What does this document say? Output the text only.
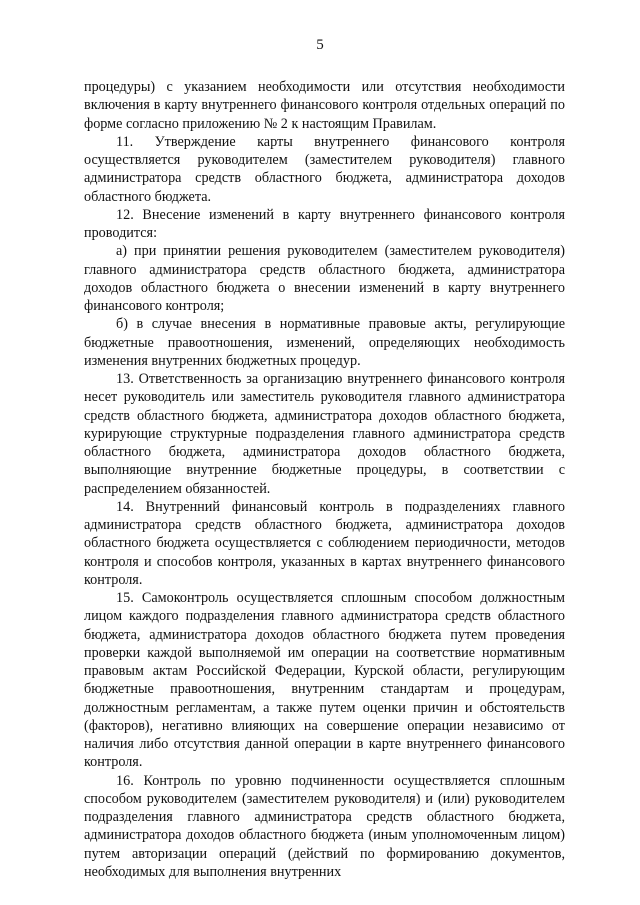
5

процедуры) с указанием необходимости или отсутствия необходимости включения в карту внутреннего финансового контроля отдельных операций по форме согласно приложению № 2 к настоящим Правилам.

11. Утверждение карты внутреннего финансового контроля осуществляется руководителем (заместителем руководителя) главного администратора средств областного бюджета, администратора доходов областного бюджета.

12. Внесение изменений в карту внутреннего финансового контроля проводится:

а) при принятии решения руководителем (заместителем руководителя) главного администратора средств областного бюджета, администратора доходов областного бюджета о внесении изменений в карту внутреннего финансового контроля;

б) в случае внесения в нормативные правовые акты, регулирующие бюджетные правоотношения, изменений, определяющих необходимость изменения внутренних бюджетных процедур.

13. Ответственность за организацию внутреннего финансового контроля несет руководитель или заместитель руководителя главного администратора средств областного бюджета, администратора доходов областного бюджета, курирующие структурные подразделения главного администратора средств областного бюджета, администратора доходов областного бюджета, выполняющие внутренние бюджетные процедуры, в соответствии с распределением обязанностей.

14. Внутренний финансовый контроль в подразделениях главного администратора средств областного бюджета, администратора доходов областного бюджета осуществляется с соблюдением периодичности, методов контроля и способов контроля, указанных в картах внутреннего финансового контроля.

15. Самоконтроль осуществляется сплошным способом должностным лицом каждого подразделения главного администратора средств областного бюджета, администратора доходов областного бюджета путем проведения проверки каждой выполняемой им операции на соответствие нормативным правовым актам Российской Федерации, Курской области, регулирующим бюджетные правоотношения, внутренним стандартам и процедурам, должностным регламентам, а также путем оценки причин и обстоятельств (факторов), негативно влияющих на совершение операции независимо от наличия либо отсутствия данной операции в карте внутреннего финансового контроля.

16. Контроль по уровню подчиненности осуществляется сплошным способом руководителем (заместителем руководителя) и (или) руководителем подразделения главного администратора средств областного бюджета, администратора доходов областного бюджета (иным уполномоченным лицом) путем авторизации операций (действий по формированию документов, необходимых для выполнения внутренних
